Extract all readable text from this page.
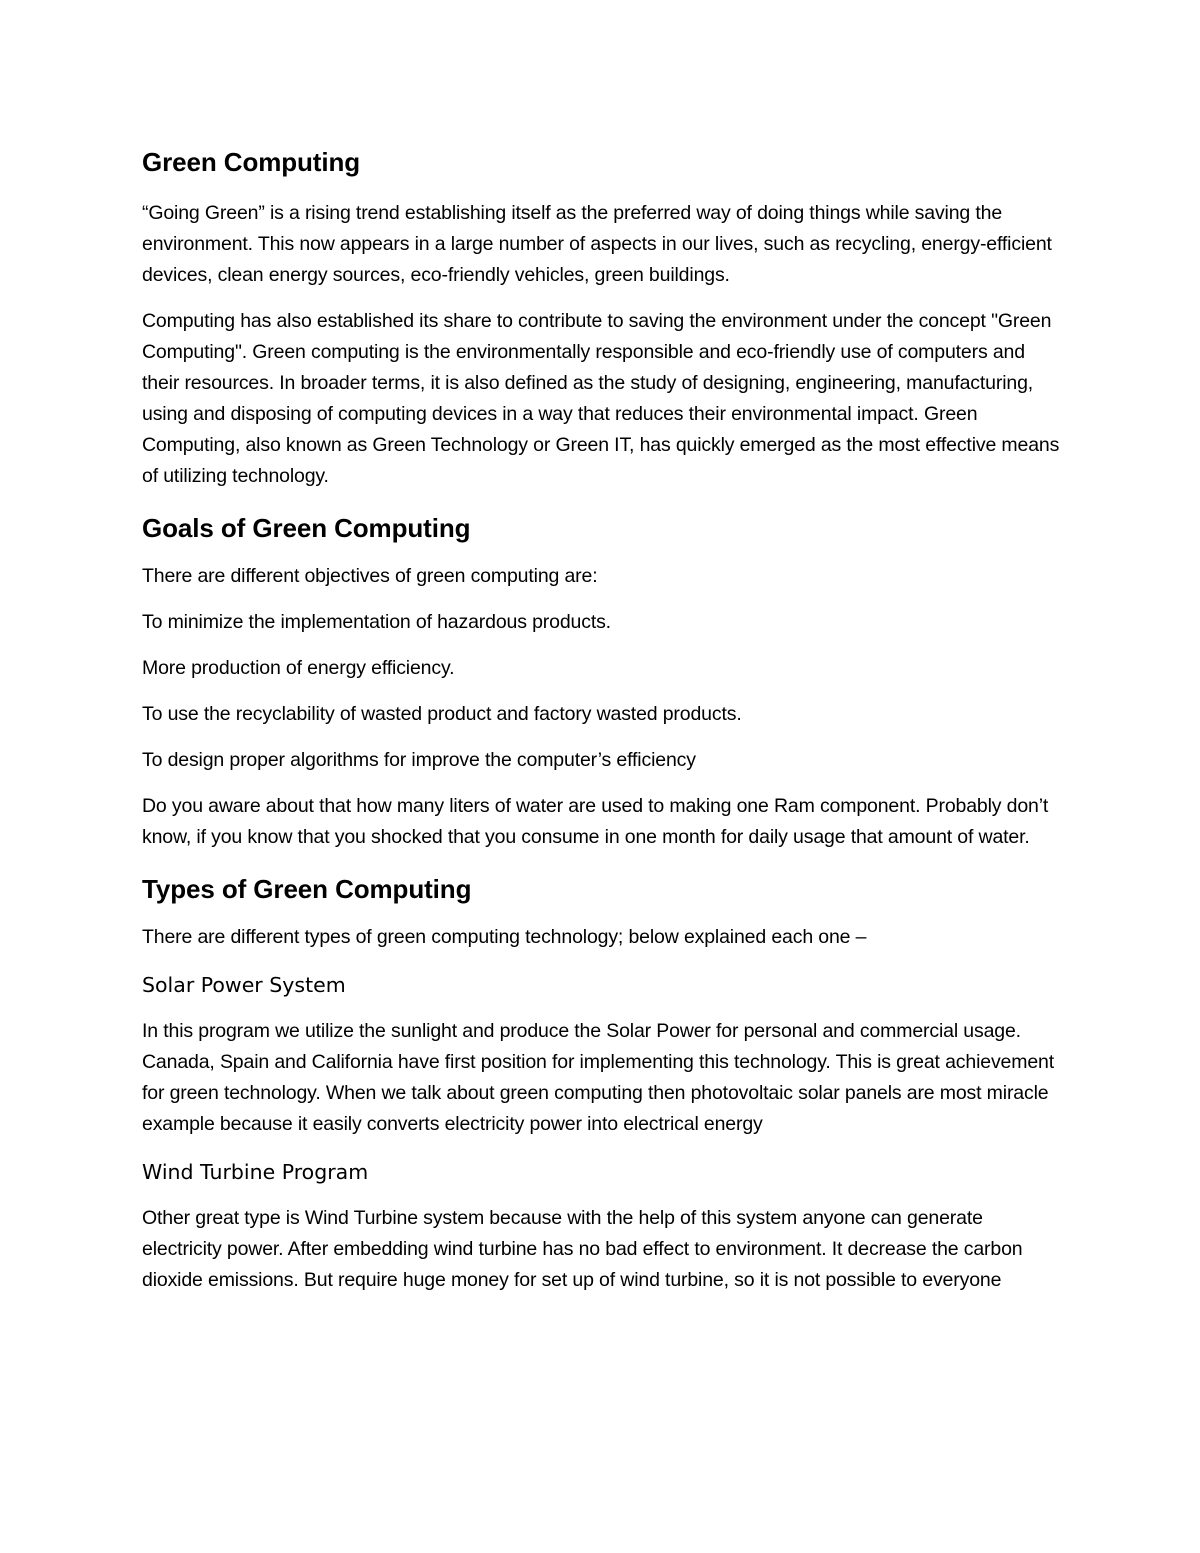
Green Computing

“Going Green” is a rising trend establishing itself as the preferred way of doing things while saving the environment. This now appears in a large number of aspects in our lives, such as recycling, energy-efficient devices, clean energy sources, eco-friendly vehicles, green buildings.

Computing has also established its share to contribute to saving the environment under the concept "Green Computing". Green computing is the environmentally responsible and eco-friendly use of computers and their resources. In broader terms, it is also defined as the study of designing, engineering, manufacturing, using and disposing of computing devices in a way that reduces their environmental impact. Green Computing, also known as Green Technology or Green IT, has quickly emerged as the most effective means of utilizing technology.

Goals of Green Computing

There are different objectives of green computing are:

To minimize the implementation of hazardous products.

More production of energy efficiency.

To use the recyclability of wasted product and factory wasted products.

To design proper algorithms for improve the computer’s efficiency

Do you aware about that how many liters of water are used to making one Ram component. Probably don’t know, if you know that you shocked that you consume in one month for daily usage that amount of water.

Types of Green Computing

There are different types of green computing technology; below explained each one –

Solar Power System

In this program we utilize the sunlight and produce the Solar Power for personal and commercial usage. Canada, Spain and California have first position for implementing this technology. This is great achievement for green technology. When we talk about green computing then photovoltaic solar panels are most miracle example because it easily converts electricity power into electrical energy

Wind Turbine Program

Other great type is Wind Turbine system because with the help of this system anyone can generate electricity power. After embedding wind turbine has no bad effect to environment. It decrease the carbon dioxide emissions. But require huge money for set up of wind turbine, so it is not possible to everyone
